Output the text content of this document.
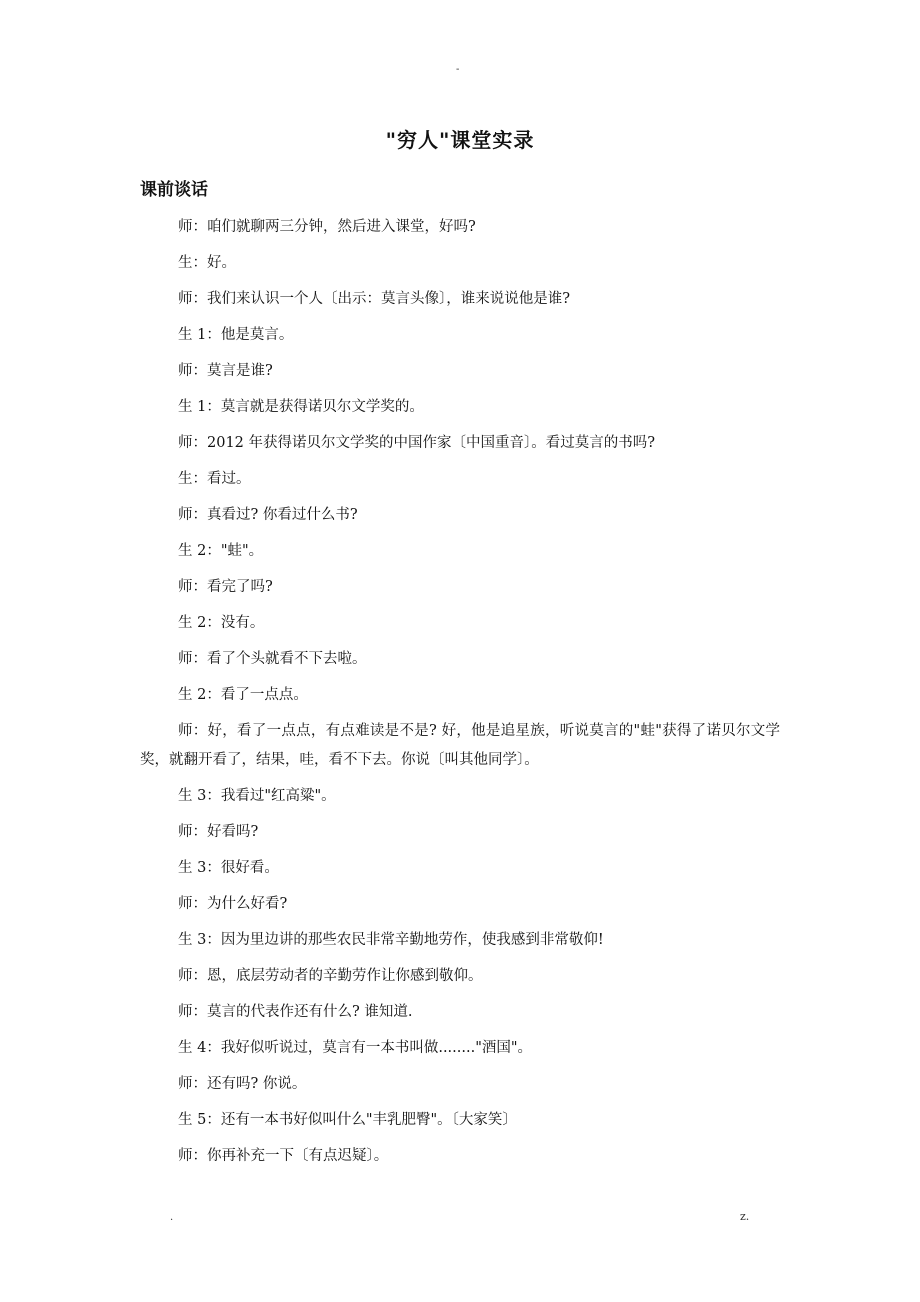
-
"穷人"课堂实录
课前谈话
师：咱们就聊两三分钟，然后进入课堂，好吗?
生：好。
师：我们来认识一个人〔出示：莫言头像〕，谁来说说他是谁?
生 1：他是莫言。
师：莫言是谁?
生 1：莫言就是获得诺贝尔文学奖的。
师：2012 年获得诺贝尔文学奖的中国作家〔中国重音〕。看过莫言的书吗?
生：看过。
师：真看过? 你看过什么书?
生 2："蛙"。
师：看完了吗?
生 2：没有。
师：看了个头就看不下去啦。
生 2：看了一点点。
师：好，看了一点点，有点难读是不是? 好，他是追星族，听说莫言的"蛙"获得了诺贝尔文学奖，就翻开看了，结果，哇，看不下去。你说〔叫其他同学〕。
生 3：我看过"红高粱"。
师：好看吗?
生 3：很好看。
师：为什么好看?
生 3：因为里边讲的那些农民非常辛勤地劳作，使我感到非常敬仰!
师：恩，底层劳动者的辛勤劳作让你感到敬仰。
师：莫言的代表作还有什么? 谁知道.
生 4：我好似听说过，莫言有一本书叫做........"酒国"。
师：还有吗? 你说。
生 5：还有一本书好似叫什么"丰乳肥臀"。〔大家笑〕
师：你再补充一下〔有点迟疑〕。
.	z.
